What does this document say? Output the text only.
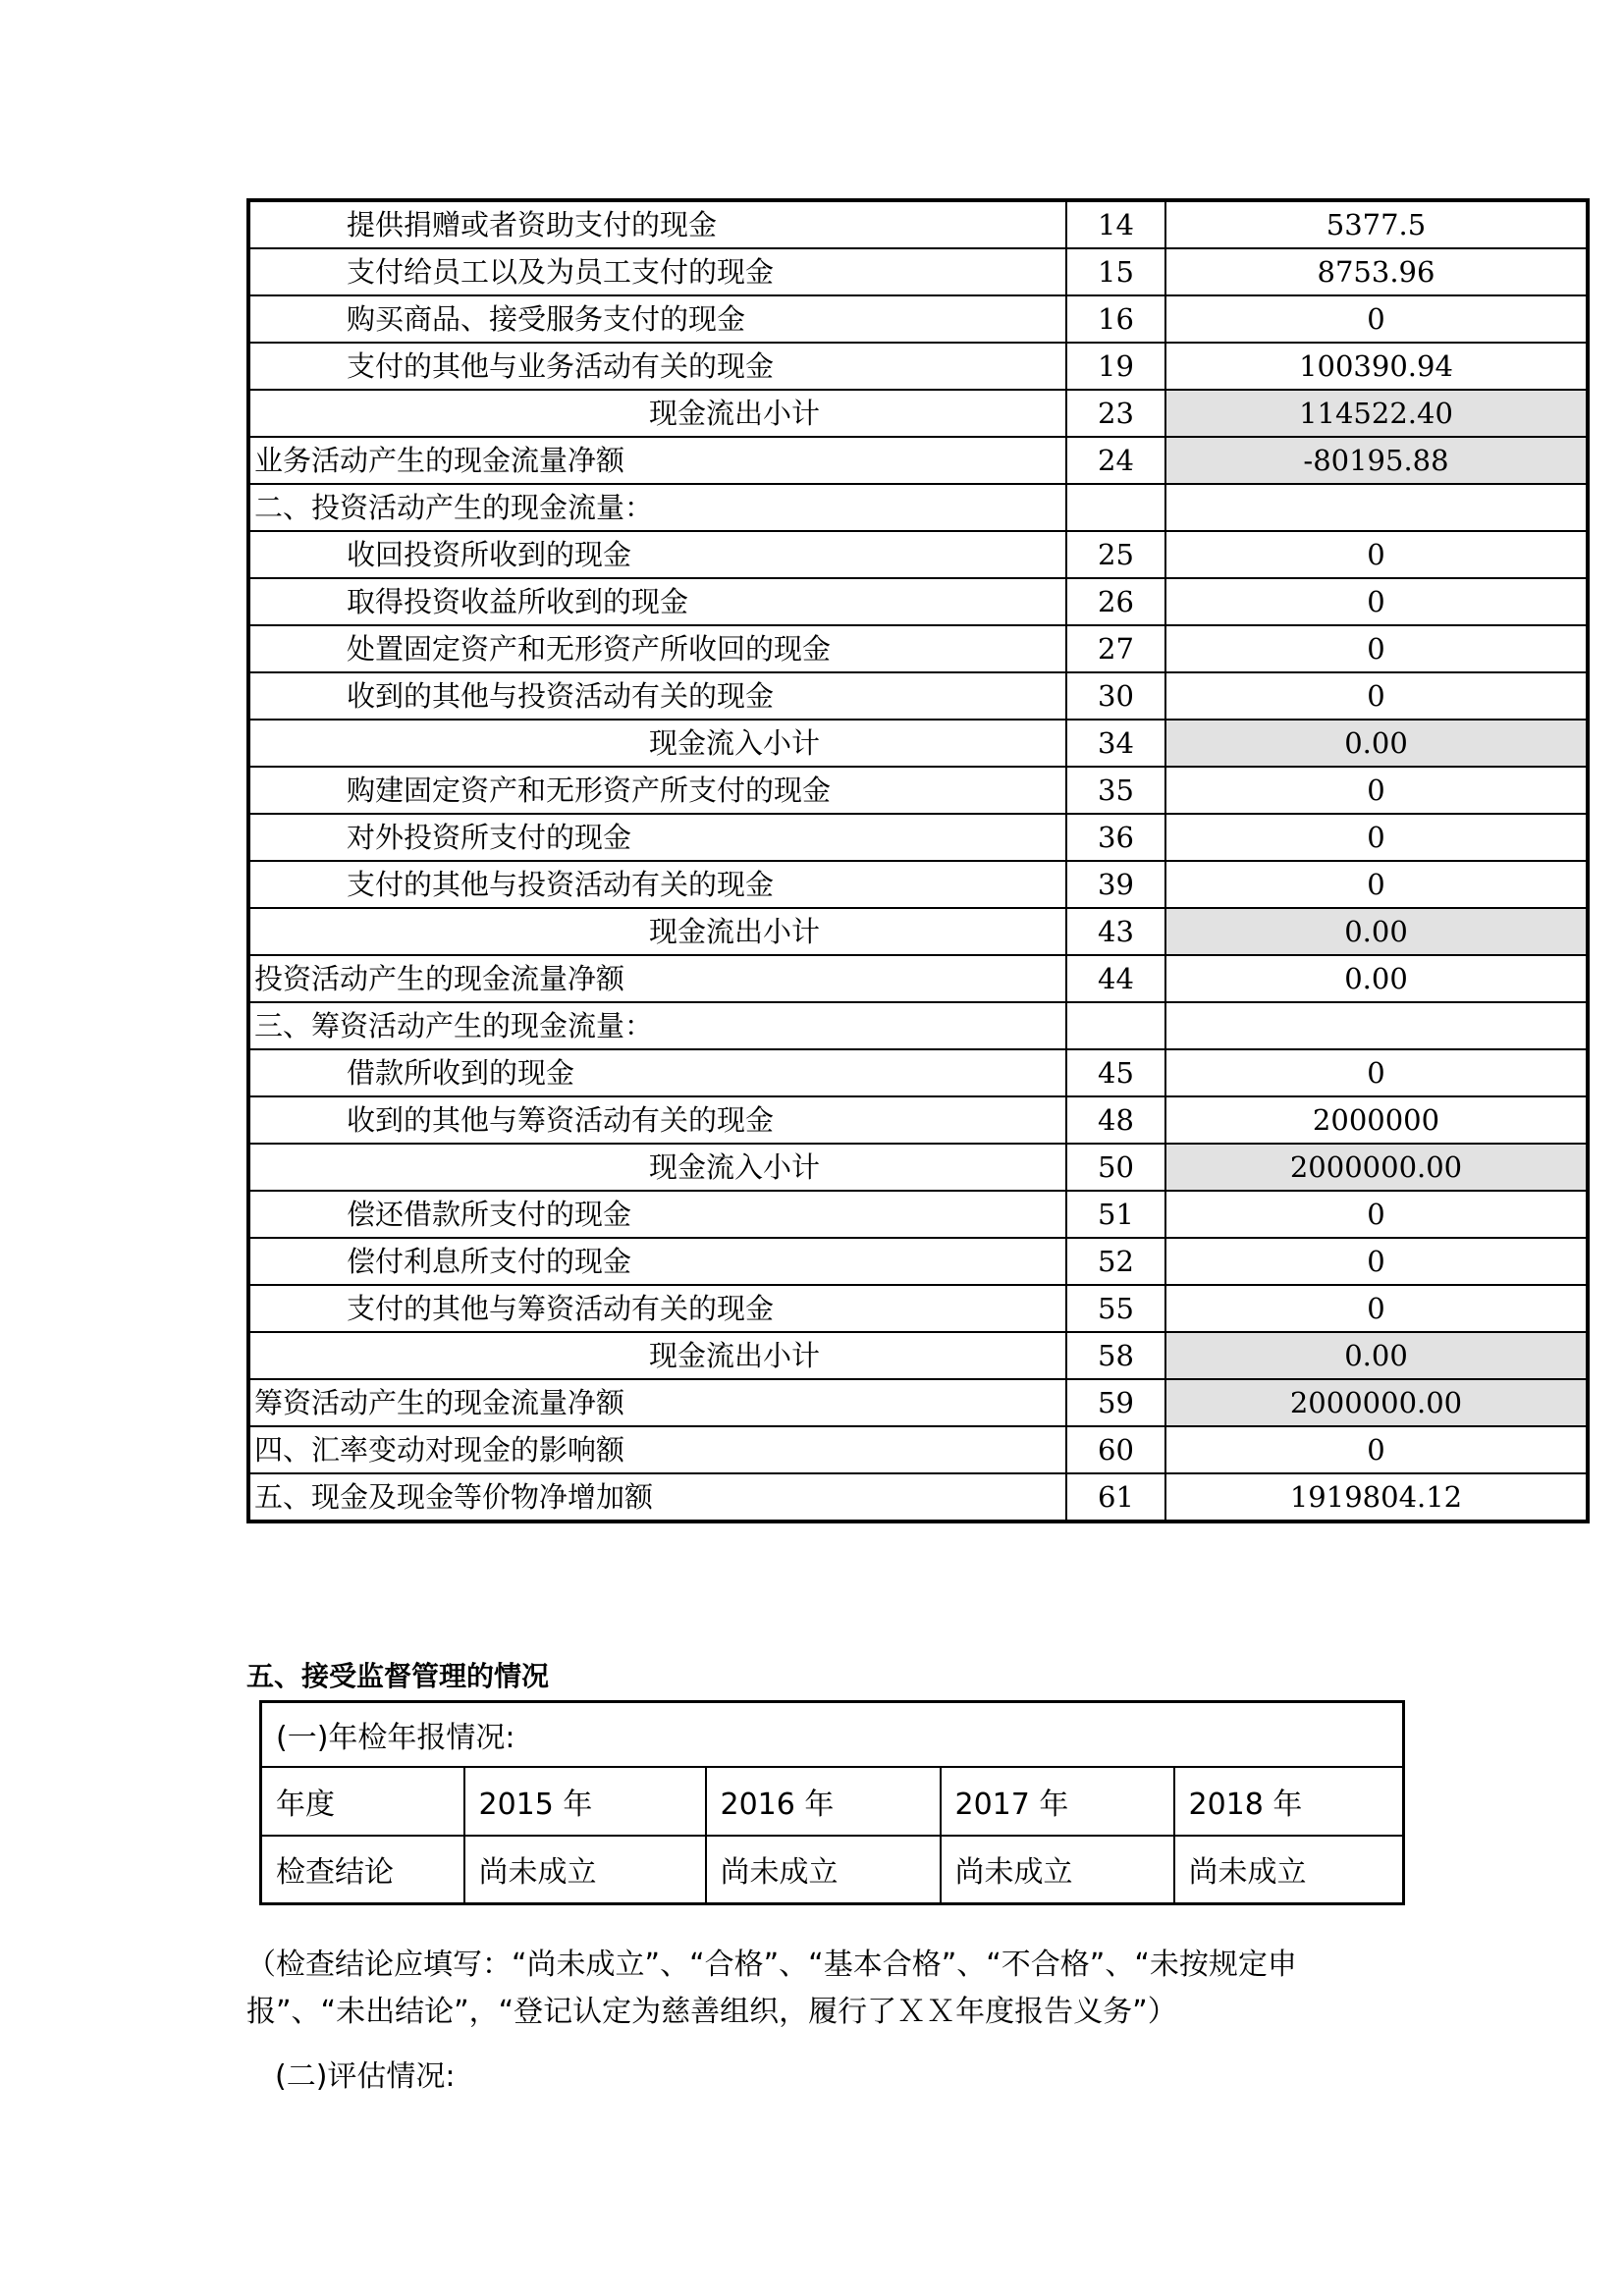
提供捐赠或者资助支付的现金	14	5377.5
支付给员工以及为员工支付的现金	15	8753.96
购买商品、接受服务支付的现金	16	0
支付的其他与业务活动有关的现金	19	100390.94
现金流出小计	23	114522.40
业务活动产生的现金流量净额	24	-80195.88
二、投资活动产生的现金流量：		
收回投资所收到的现金	25	0
取得投资收益所收到的现金	26	0
处置固定资产和无形资产所收回的现金	27	0
收到的其他与投资活动有关的现金	30	0
现金流入小计	34	0.00
购建固定资产和无形资产所支付的现金	35	0
对外投资所支付的现金	36	0
支付的其他与投资活动有关的现金	39	0
现金流出小计	43	0.00
投资活动产生的现金流量净额	44	0.00
三、筹资活动产生的现金流量：		
借款所收到的现金	45	0
收到的其他与筹资活动有关的现金	48	2000000
现金流入小计	50	2000000.00
偿还借款所支付的现金	51	0
偿付利息所支付的现金	52	0
支付的其他与筹资活动有关的现金	55	0
现金流出小计	58	0.00
筹资活动产生的现金流量净额	59	2000000.00
四、汇率变动对现金的影响额	60	0
五、现金及现金等价物净增加额	61	1919804.12
五、接受监督管理的情况
(一)年检年报情况:				
年度	2015 年	2016 年	2017 年	2018 年
检查结论	尚未成立	尚未成立	尚未成立	尚未成立
（检查结论应填写：“尚未成立”、“合格”、“基本合格”、“不合格”、“未按规定申报”、“未出结论”，“登记认定为慈善组织，履行了ＸＸ年度报告义务”）
(二)评估情况:
